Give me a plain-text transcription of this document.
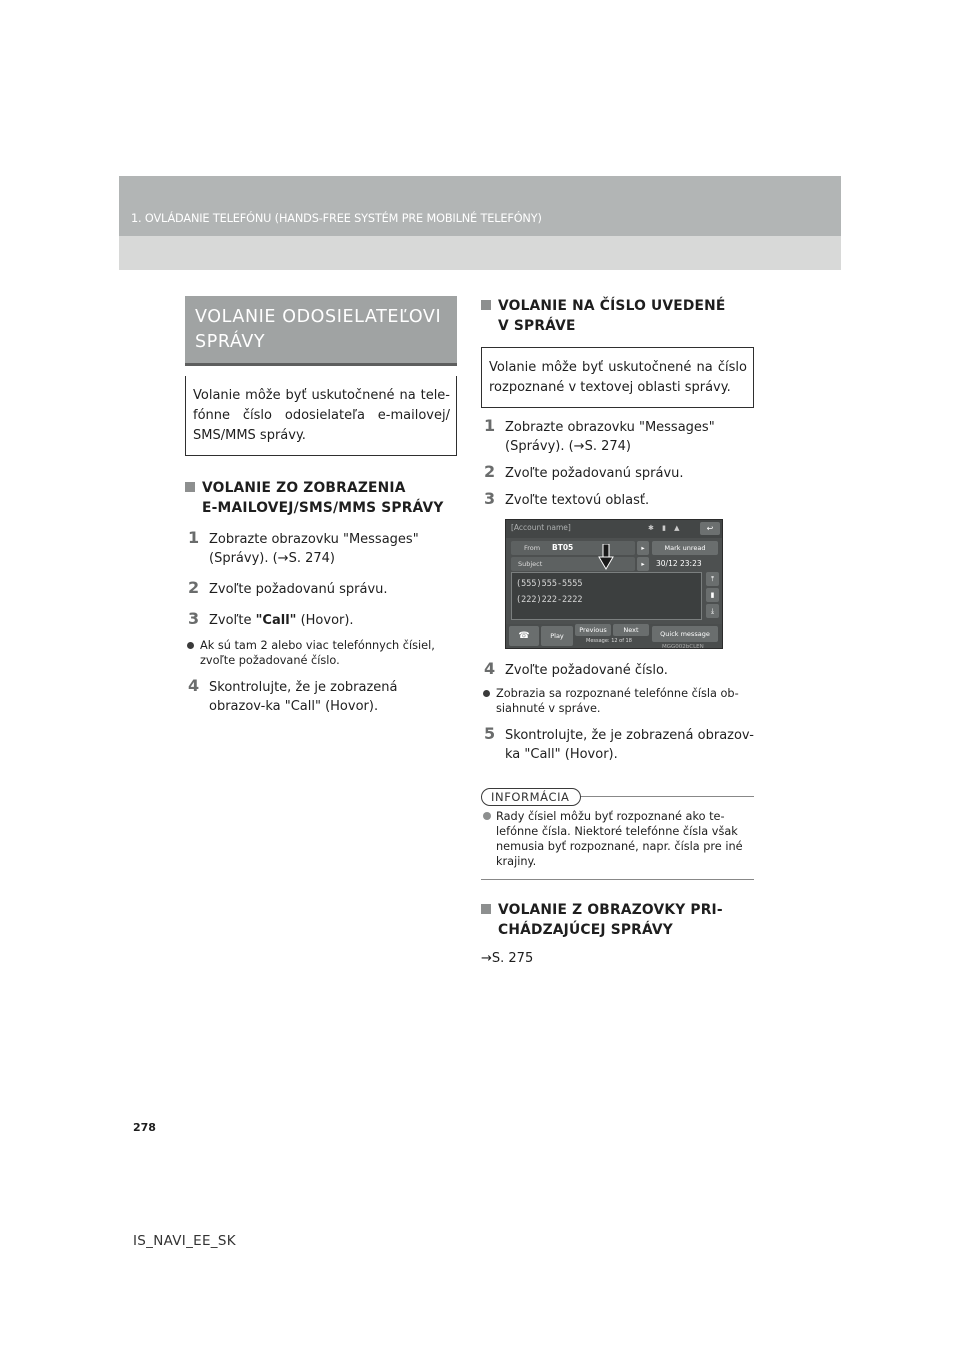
1. OVLÁDANIE TELEFÓNU (HANDS-FREE SYSTÉM PRE MOBILNÉ TELEFÓNY)
VOLANIE ODOSIELATEĽOVI
SPRÁVY
Volanie môže byť uskutočnené na tele-fónne číslo odosielateľa e-mailovej/ SMS/MMS správy.
VOLANIE ZO ZOBRAZENIA
E-MAILOVEJ/SMS/MMS SPRÁVY
1 Zobrazte obrazovku "Messages" (Správy). (→S. 274)
2 Zvoľte požadovanú správu.
3 Zvoľte "Call" (Hovor).
Ak sú tam 2 alebo viac telefónnych čísiel, zvoľte požadované číslo.
4 Skontrolujte, že je zobrazená obrazov-ka "Call" (Hovor).
VOLANIE NA ČÍSLO UVEDENÉ
V SPRÁVE
Volanie môže byť uskutočnené na číslo rozpoznané v textovej oblasti správy.
1 Zobrazte obrazovku "Messages" (Správy). (→S. 274)
2 Zvoľte požadovanú správu.
3 Zvoľte textovú oblasť.
[Account name]	✱ ▮ ▲	↩
From BT05	▸	Mark unread
Subject	▸	30/12 23:23
(555)555-5555
(222)222-2222
⤒
▮
⤓
☎	Play
Previous	Next
Message: 12 of 18
Quick message
MGG002bCLEN
4 Zvoľte požadované číslo.
Zobrazia sa rozpoznané telefónne čísla ob-siahnuté v správe.
5 Skontrolujte, že je zobrazená obrazov-ka "Call" (Hovor).
INFORMÁCIA
Rady čísiel môžu byť rozpoznané ako te-lefónne čísla. Niektoré telefónne čísla však nemusia byť rozpoznané, napr. čísla pre iné krajiny.
VOLANIE Z OBRAZOVKY PRI-
CHÁDZAJÚCEJ SPRÁVY
→S. 275
278
IS_NAVI_EE_SK
